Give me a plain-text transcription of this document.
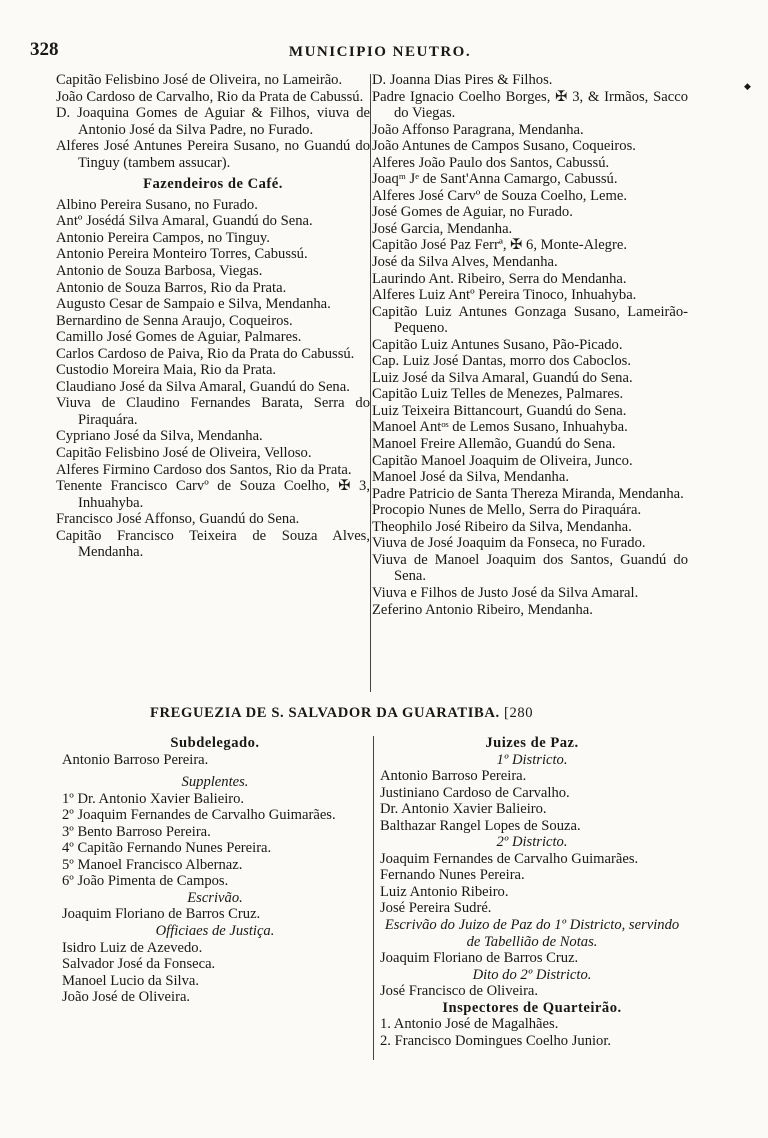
328	MUNICIPIO NEUTRO.
◆
Capitão Felisbino José de Oliveira, no Lameirão.
João Cardoso de Carvalho, Rio da Prata de Cabussú.
D. Joaquina Gomes de Aguiar & Filhos, viuva de Antonio José da Silva Padre, no Furado.
Alferes José Antunes Pereira Susano, no Guandú do Tinguy (tambem assucar).
Fazendeiros de Café.
Albino Pereira Susano, no Furado.
Antº Josédá Silva Amaral, Guandú do Sena.
Antonio Pereira Campos, no Tinguy.
Antonio Pereira Monteiro Torres, Cabussú.
Antonio de Souza Barbosa, Viegas.
Antonio de Souza Barros, Rio da Prata.
Augusto Cesar de Sampaio e Silva, Mendanha.
Bernardino de Senna Araujo, Coqueiros.
Camillo José Gomes de Aguiar, Palmares.
Carlos Cardoso de Paiva, Rio da Prata do Cabussú.
Custodio Moreira Maia, Rio da Prata.
Claudiano José da Silva Amaral, Guandú do Sena.
Viuva de Claudino Fernandes Barata, Serra do Piraquára.
Cypriano José da Silva, Mendanha.
Capitão Felisbino José de Oliveira, Velloso.
Alferes Firmino Cardoso dos Santos, Rio da Prata.
Tenente Francisco Carvº de Souza Coelho, ✠ 3, Inhuahyba.
Francisco José Affonso, Guandú do Sena.
Capitão Francisco Teixeira de Souza Alves, Mendanha.
D. Joanna Dias Pires & Filhos.
Padre Ignacio Coelho Borges, ✠ 3, & Irmãos, Sacco do Viegas.
João Affonso Paragrana, Mendanha.
João Antunes de Campos Susano, Coqueiros.
Alferes João Paulo dos Santos, Cabussú.
Joaqᵐ Jᵉ de Sant'Anna Camargo, Cabussú.
Alferes José Carvº de Souza Coelho, Leme.
José Gomes de Aguiar, no Furado.
José Garcia, Mendanha.
Capitão José Paz Ferrª, ✠ 6, Monte-Alegre.
José da Silva Alves, Mendanha.
Laurindo Ant. Ribeiro, Serra do Mendanha.
Alferes Luiz Antº Pereira Tinoco, Inhuahyba.
Capitão Luiz Antunes Gonzaga Susano, Lameirão-Pequeno.
Capitão Luiz Antunes Susano, Pão-Picado.
Cap. Luiz José Dantas, morro dos Caboclos.
Luiz José da Silva Amaral, Guandú do Sena.
Capitão Luiz Telles de Menezes, Palmares.
Luiz Teixeira Bittancourt, Guandú do Sena.
Manoel Antᵒˢ de Lemos Susano, Inhuahyba.
Manoel Freire Allemão, Guandú do Sena.
Capitão Manoel Joaquim de Oliveira, Junco.
Manoel José da Silva, Mendanha.
Padre Patricio de Santa Thereza Miranda, Mendanha.
Procopio Nunes de Mello, Serra do Piraquára.
Theophilo José Ribeiro da Silva, Mendanha.
Viuva de José Joaquim da Fonseca, no Furado.
Viuva de Manoel Joaquim dos Santos, Guandú do Sena.
Viuva e Filhos de Justo José da Silva Amaral.
Zeferino Antonio Ribeiro, Mendanha.
FREGUEZIA DE S. SALVADOR DA GUARATIBA. [280
Subdelegado.
Antonio Barroso Pereira.
Supplentes.
1º Dr. Antonio Xavier Balieiro.
2º Joaquim Fernandes de Carvalho Guimarães.
3º Bento Barroso Pereira.
4º Capitão Fernando Nunes Pereira.
5º Manoel Francisco Albernaz.
6º João Pimenta de Campos.
Escrivão.
Joaquim Floriano de Barros Cruz.
Officiaes de Justiça.
Isidro Luiz de Azevedo.
Salvador José da Fonseca.
Manoel Lucio da Silva.
João José de Oliveira.
Juizes de Paz.
1º Districto.
Antonio Barroso Pereira.
Justiniano Cardoso de Carvalho.
Dr. Antonio Xavier Balieiro.
Balthazar Rangel Lopes de Souza.
2º Districto.
Joaquim Fernandes de Carvalho Guimarães.
Fernando Nunes Pereira.
Luiz Antonio Ribeiro.
José Pereira Sudré.
Escrivão do Juizo de Paz do 1º Districto, servindo de Tabellião de Notas.
Joaquim Floriano de Barros Cruz.
Dito do 2º Districto.
José Francisco de Oliveira.
Inspectores de Quarteirão.
1. Antonio José de Magalhães.
2. Francisco Domingues Coelho Junior.
